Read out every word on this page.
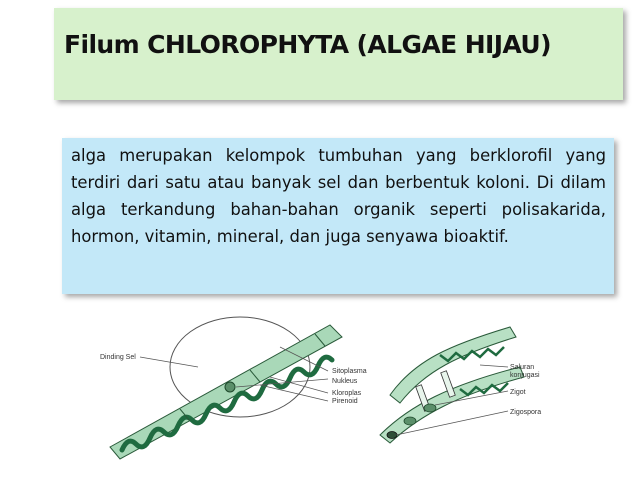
Filum CHLOROPHYTA (ALGAE HIJAU)
alga merupakan kelompok tumbuhan yang berklorofil yang terdiri dari satu atau banyak sel dan berbentuk koloni. Di dilam alga terkandung bahan-bahan organik seperti polisakarida, hormon, vitamin, mineral, dan juga senyawa bioaktif.
Dinding Sel
Sitoplasma
Nukleus
Kloroplas
Pirenoid
Saluran
konjugasi
Zigot
Zigospora
